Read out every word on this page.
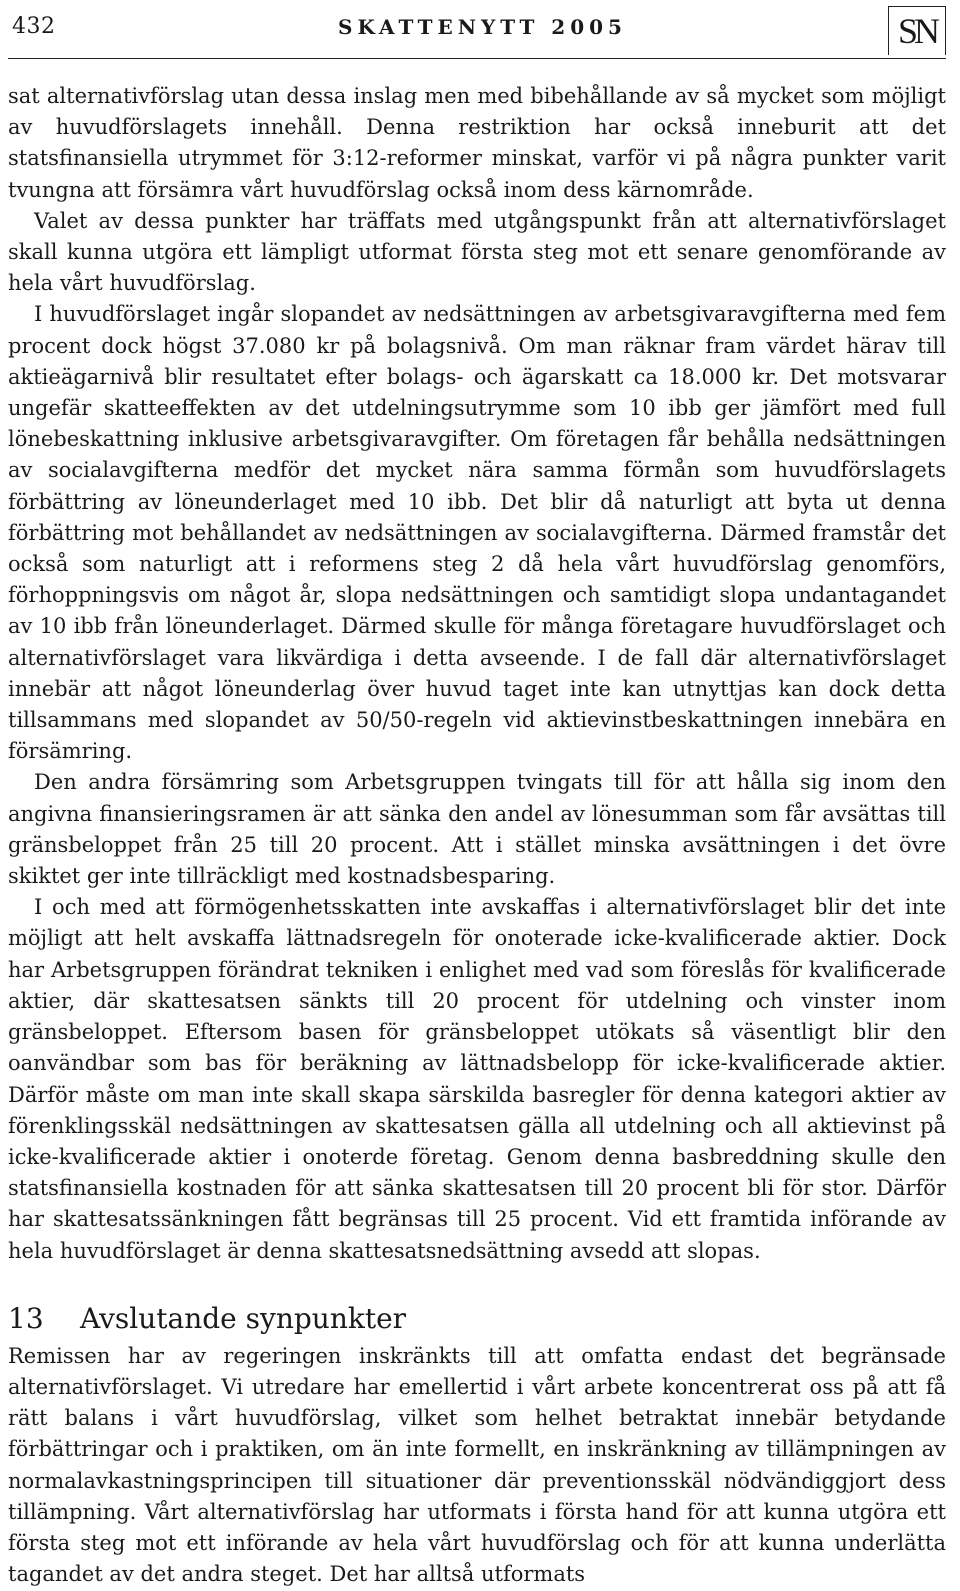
432	SKATTENYTT 2005	SN

sat alternativförslag utan dessa inslag men med bibehållande av så mycket som möjligt av huvudförslagets innehåll. Denna restriktion har också inneburit att det statsfinansiella utrymmet för 3:12-reformer minskat, varför vi på några punkter varit tvungna att försämra vårt huvudförslag också inom dess kärnområde.

Valet av dessa punkter har träffats med utgångspunkt från att alternativförslaget skall kunna utgöra ett lämpligt utformat första steg mot ett senare genomförande av hela vårt huvudförslag.

I huvudförslaget ingår slopandet av nedsättningen av arbetsgivaravgifterna med fem procent dock högst 37.080 kr på bolagsnivå. Om man räknar fram värdet härav till aktieägarnivå blir resultatet efter bolags- och ägarskatt ca 18.000 kr. Det motsvarar ungefär skatteeffekten av det utdelningsutrymme som 10 ibb ger jämfört med full lönebeskattning inklusive arbetsgivaravgifter. Om företagen får behålla nedsättningen av socialavgifterna medför det mycket nära samma förmån som huvudförslagets förbättring av löneunderlaget med 10 ibb. Det blir då naturligt att byta ut denna förbättring mot behållandet av nedsättningen av socialavgifterna. Därmed framstår det också som naturligt att i reformens steg 2 då hela vårt huvudförslag genomförs, förhoppningsvis om något år, slopa nedsättningen och samtidigt slopa undantagandet av 10 ibb från löneunderlaget. Därmed skulle för många företagare huvudförslaget och alternativförslaget vara likvärdiga i detta avseende. I de fall där alternativförslaget innebär att något löneunderlag över huvud taget inte kan utnyttjas kan dock detta tillsammans med slopandet av 50/50-regeln vid aktievinstbeskattningen innebära en försämring.

Den andra försämring som Arbetsgruppen tvingats till för att hålla sig inom den angivna finansieringsramen är att sänka den andel av lönesumman som får avsättas till gränsbeloppet från 25 till 20 procent. Att i stället minska avsättningen i det övre skiktet ger inte tillräckligt med kostnadsbesparing.

I och med att förmögenhetsskatten inte avskaffas i alternativförslaget blir det inte möjligt att helt avskaffa lättnadsregeln för onoterade icke-kvalificerade aktier. Dock har Arbetsgruppen förändrat tekniken i enlighet med vad som föreslås för kvalificerade aktier, där skattesatsen sänkts till 20 procent för utdelning och vinster inom gränsbeloppet. Eftersom basen för gränsbeloppet utökats så väsentligt blir den oanvändbar som bas för beräkning av lättnadsbelopp för icke-kvalificerade aktier. Därför måste om man inte skall skapa särskilda basregler för denna kategori aktier av förenklingsskäl nedsättningen av skattesatsen gälla all utdelning och all aktievinst på icke-kvalificerade aktier i onoterde företag. Genom denna basbreddning skulle den statsfinansiella kostnaden för att sänka skattesatsen till 20 procent bli för stor. Därför har skattesatssänkningen fått begränsas till 25 procent. Vid ett framtida införande av hela huvudförslaget är denna skattesatsnedsättning avsedd att slopas.

13 Avslutande synpunkter

Remissen har av regeringen inskränkts till att omfatta endast det begränsade alternativförslaget. Vi utredare har emellertid i vårt arbete koncentrerat oss på att få rätt balans i vårt huvudförslag, vilket som helhet betraktat innebär betydande förbättringar och i praktiken, om än inte formellt, en inskränkning av tillämpningen av normalavkastningsprincipen till situationer där preventionsskäl nödvändiggjort dess tillämpning. Vårt alternativförslag har utformats i första hand för att kunna utgöra ett första steg mot ett införande av hela vårt huvudförslag och för att kunna underlätta tagandet av det andra steget. Det har alltså utformats
